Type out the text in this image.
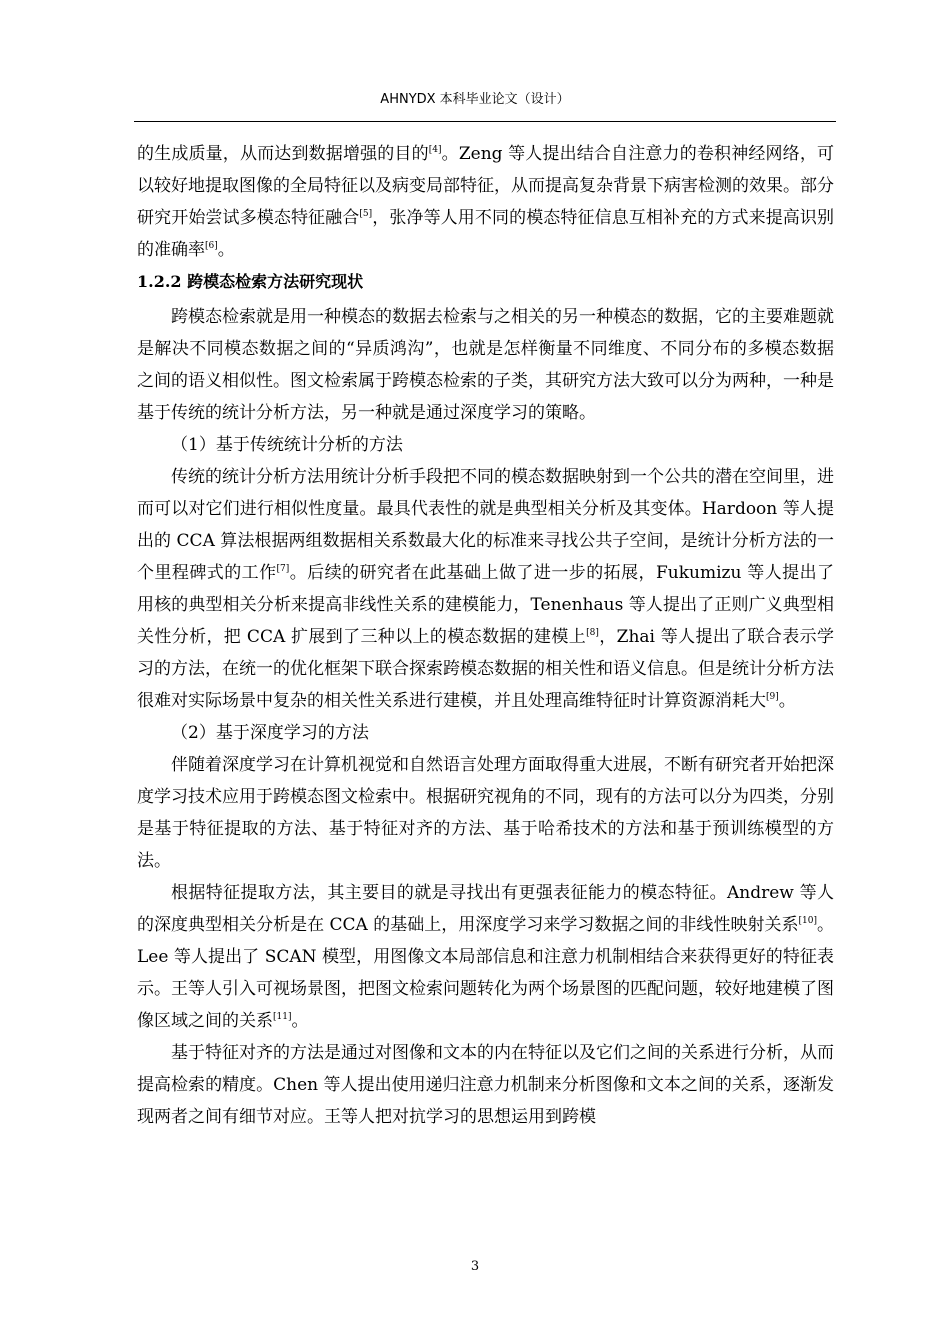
AHNYDX 本科毕业论文（设计）

的生成质量，从而达到数据增强的目的[4]。Zeng 等人提出结合自注意力的卷积神经网络，可以较好地提取图像的全局特征以及病变局部特征，从而提高复杂背景下病害检测的效果。部分研究开始尝试多模态特征融合[5]，张净等人用不同的模态特征信息互相补充的方式来提高识别的准确率[6]。

1.2.2 跨模态检索方法研究现状

跨模态检索就是用一种模态的数据去检索与之相关的另一种模态的数据，它的主要难题就是解决不同模态数据之间的“异质鸿沟”，也就是怎样衡量不同维度、不同分布的多模态数据之间的语义相似性。图文检索属于跨模态检索的子类，其研究方法大致可以分为两种，一种是基于传统的统计分析方法，另一种就是通过深度学习的策略。

（1）基于传统统计分析的方法

传统的统计分析方法用统计分析手段把不同的模态数据映射到一个公共的潜在空间里，进而可以对它们进行相似性度量。最具代表性的就是典型相关分析及其变体。Hardoon 等人提出的 CCA 算法根据两组数据相关系数最大化的标准来寻找公共子空间，是统计分析方法的一个里程碑式的工作[7]。后续的研究者在此基础上做了进一步的拓展，Fukumizu 等人提出了用核的典型相关分析来提高非线性关系的建模能力，Tenenhaus 等人提出了正则广义典型相关性分析，把 CCA 扩展到了三种以上的模态数据的建模上[8]，Zhai 等人提出了联合表示学习的方法，在统一的优化框架下联合探索跨模态数据的相关性和语义信息。但是统计分析方法很难对实际场景中复杂的相关性关系进行建模，并且处理高维特征时计算资源消耗大[9]。

（2）基于深度学习的方法

伴随着深度学习在计算机视觉和自然语言处理方面取得重大进展，不断有研究者开始把深度学习技术应用于跨模态图文检索中。根据研究视角的不同，现有的方法可以分为四类，分别是基于特征提取的方法、基于特征对齐的方法、基于哈希技术的方法和基于预训练模型的方法。

根据特征提取方法，其主要目的就是寻找出有更强表征能力的模态特征。Andrew 等人的深度典型相关分析是在 CCA 的基础上，用深度学习来学习数据之间的非线性映射关系[10]。Lee 等人提出了 SCAN 模型，用图像文本局部信息和注意力机制相结合来获得更好的特征表示。王等人引入可视场景图，把图文检索问题转化为两个场景图的匹配问题，较好地建模了图像区域之间的关系[11]。

基于特征对齐的方法是通过对图像和文本的内在特征以及它们之间的关系进行分析，从而提高检索的精度。Chen 等人提出使用递归注意力机制来分析图像和文本之间的关系，逐渐发现两者之间有细节对应。王等人把对抗学习的思想运用到跨模

3
